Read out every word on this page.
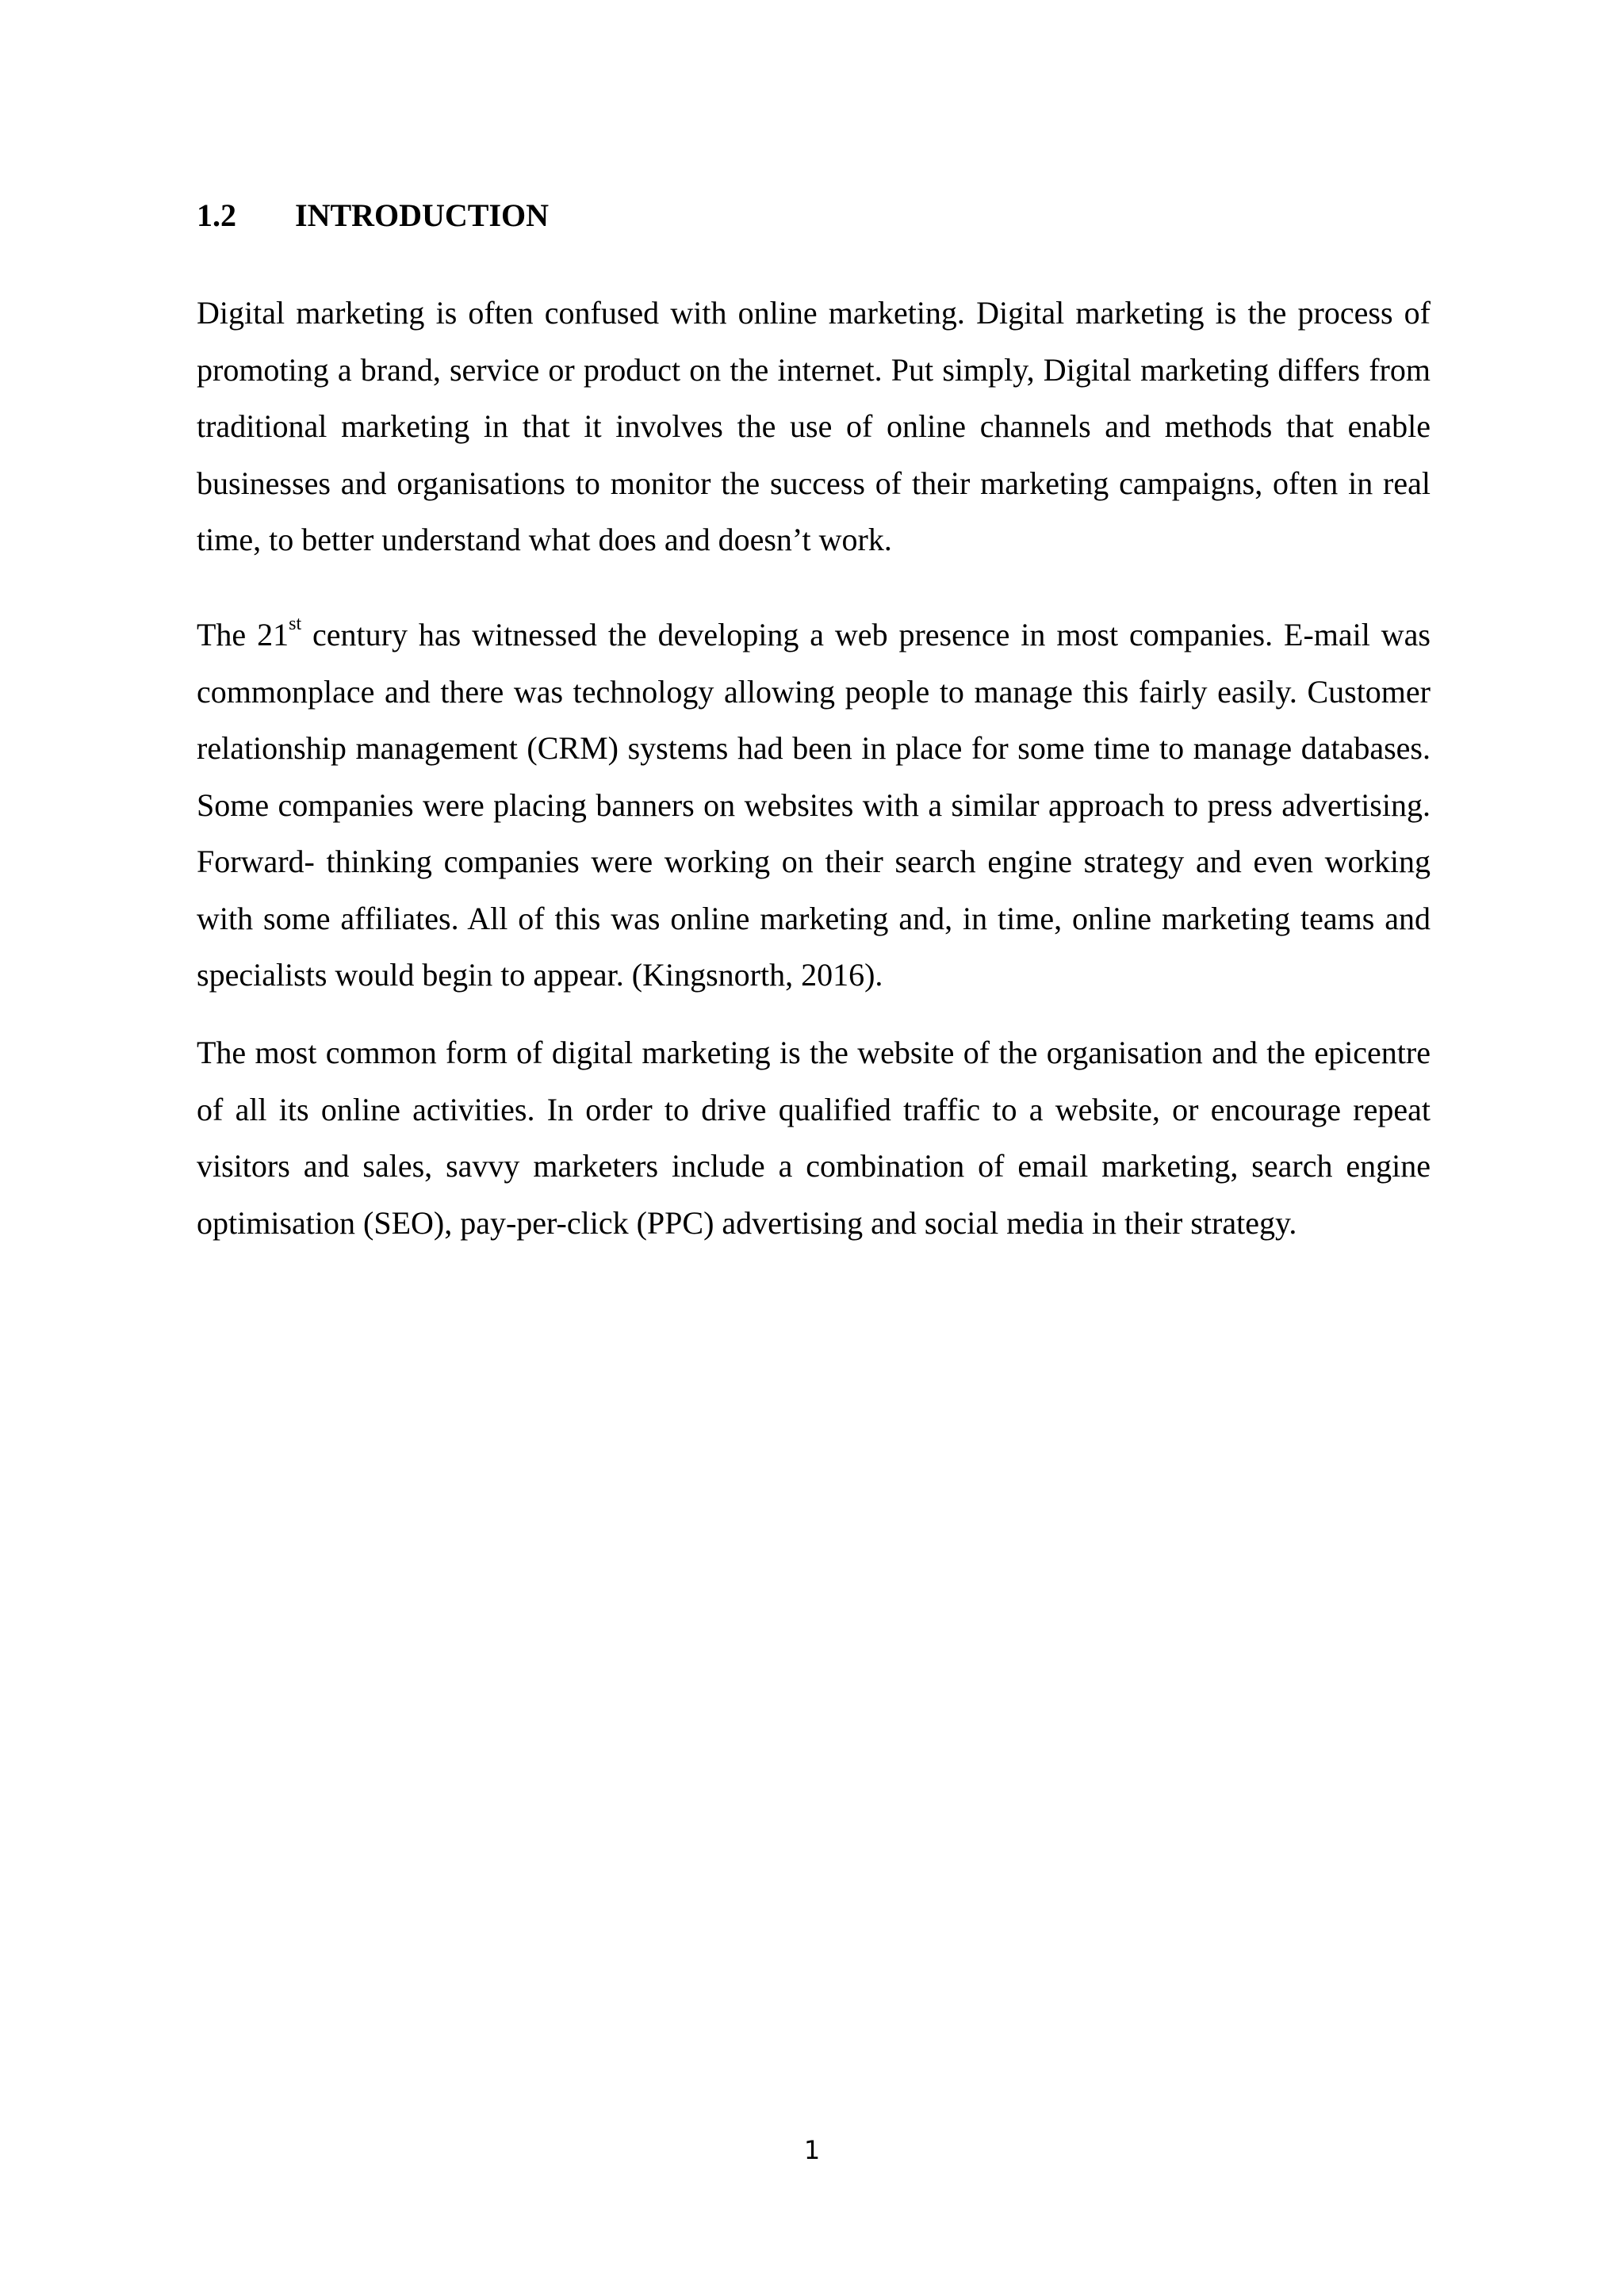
1.2 INTRODUCTION

Digital marketing is often confused with online marketing. Digital marketing is the process of promoting a brand, service or product on the internet. Put simply, Digital marketing differs from traditional marketing in that it involves the use of online channels and methods that enable businesses and organisations to monitor the success of their marketing campaigns, often in real time, to better understand what does and doesn’t work.

The 21st century has witnessed the developing a web presence in most companies. E-mail was commonplace and there was technology allowing people to manage this fairly easily. Customer relationship management (CRM) systems had been in place for some time to manage databases. Some companies were placing banners on websites with a similar approach to press advertising. Forward- thinking companies were working on their search engine strategy and even working with some affiliates. All of this was online marketing and, in time, online marketing teams and specialists would begin to appear. (Kingsnorth, 2016).

The most common form of digital marketing is the website of the organisation and the epicentre of all its online activities. In order to drive qualified traffic to a website, or encourage repeat visitors and sales, savvy marketers include a combination of email marketing, search engine optimisation (SEO), pay-per-click (PPC) advertising and social media in their strategy.

1
